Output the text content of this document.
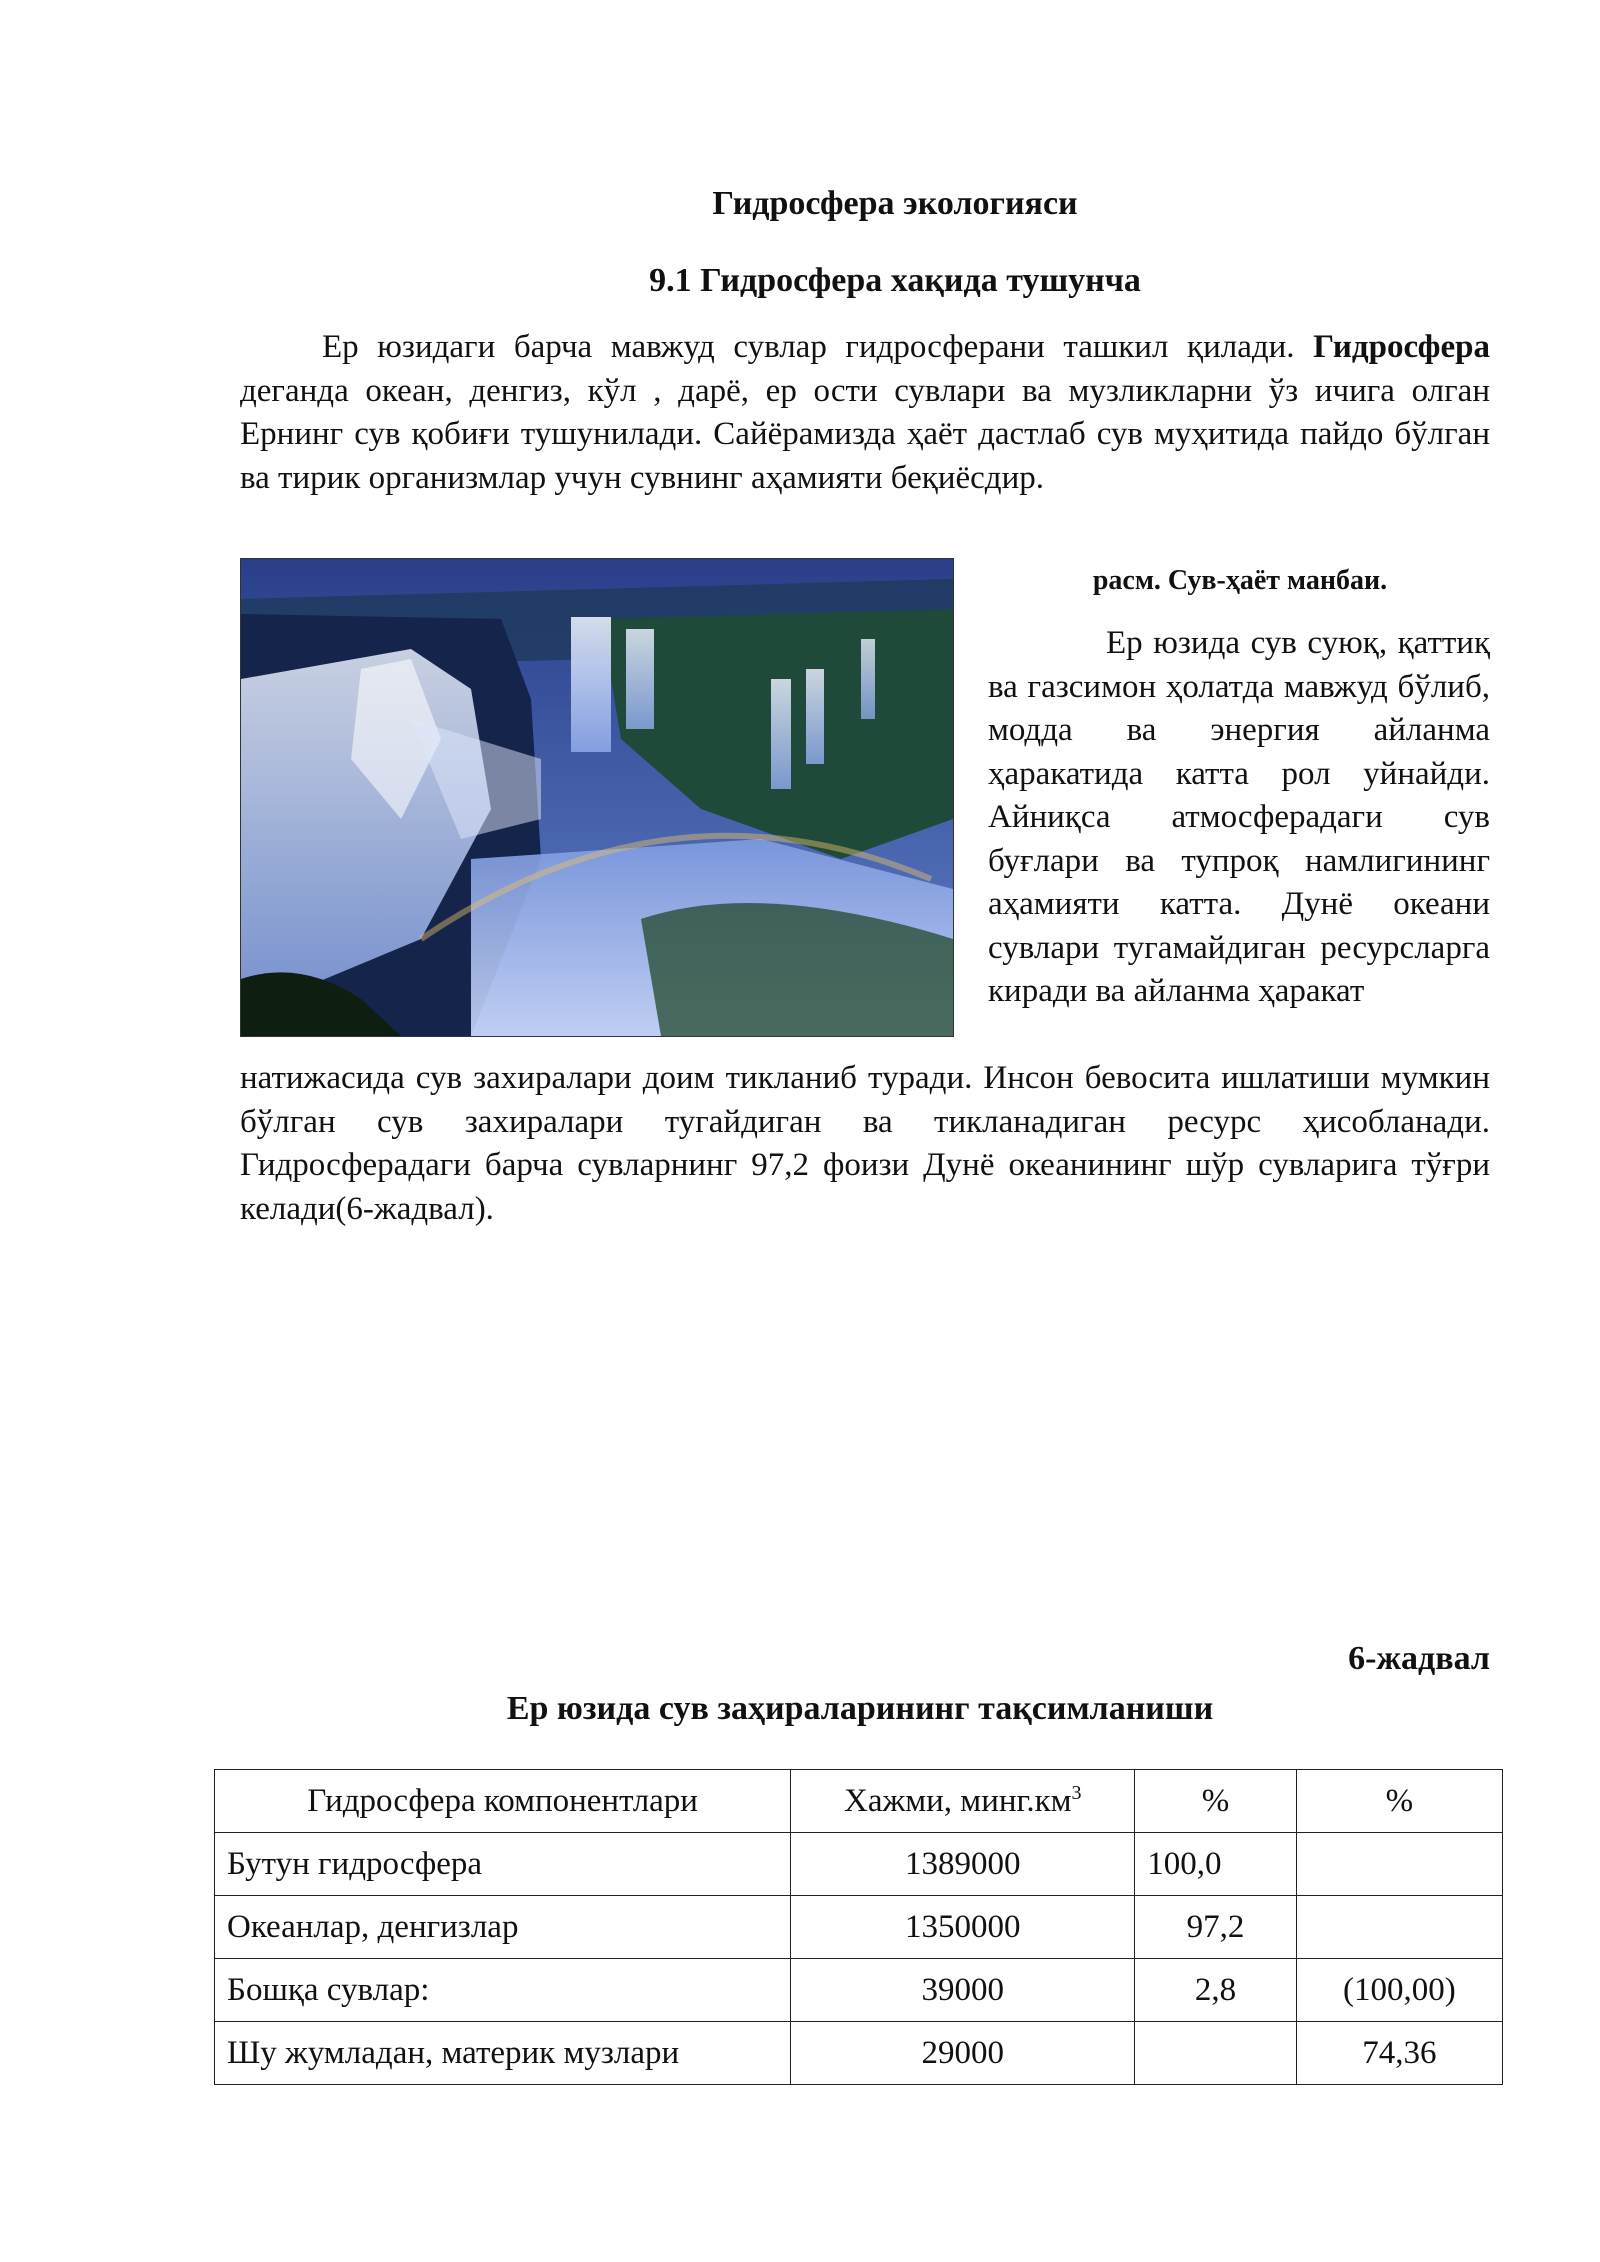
Гидросфера экологияси
9.1 Гидросфера хақида тушунча
Ер юзидаги барча мавжуд сувлар гидросферани ташкил қилади. Гидросфера деганда океан, денгиз, кўл , дарё, ер ости сувлари ва музликларни ўз ичига олган Ернинг сув қобиғи тушунилади. Сайёрамизда ҳаёт дастлаб сув муҳитида пайдо бўлган ва тирик организмлар учун сувнинг аҳамияти беқиёсдир.
расм. Сув-ҳаёт манбаи.
Ер юзида сув суюқ, қаттиқ ва газсимон ҳолатда мавжуд бўлиб, модда ва энергия айланма ҳаракатида катта рол уйнайди. Айниқса атмосферадаги сув буғлари ва тупроқ намлигининг аҳамияти катта. Дунё океани сувлари тугамайдиган ресурсларга киради ва айланма ҳаракат
натижасида сув захиралари доим тикланиб туради. Инсон бевосита ишлатиши мумкин бўлган сув захиралари тугайдиган ва тикланадиган ресурс ҳисобланади. Гидросферадаги барча сувларнинг 97,2 фоизи Дунё океанининг шўр сувларига тўғри келади(6-жадвал).
6-жадвал
Ер юзида сув заҳираларининг тақсимланиши
Гидросфера компонентлари	Хажми, $минг.км^3$	%	%
Бутун гидросфера	1389000	100,0	
Океанлар, денгизлар	1350000	97,2	
Бошқа сувлар:	39000	2,8	(100,00)
Шу жумладан, материк музлари	29000		74,36
